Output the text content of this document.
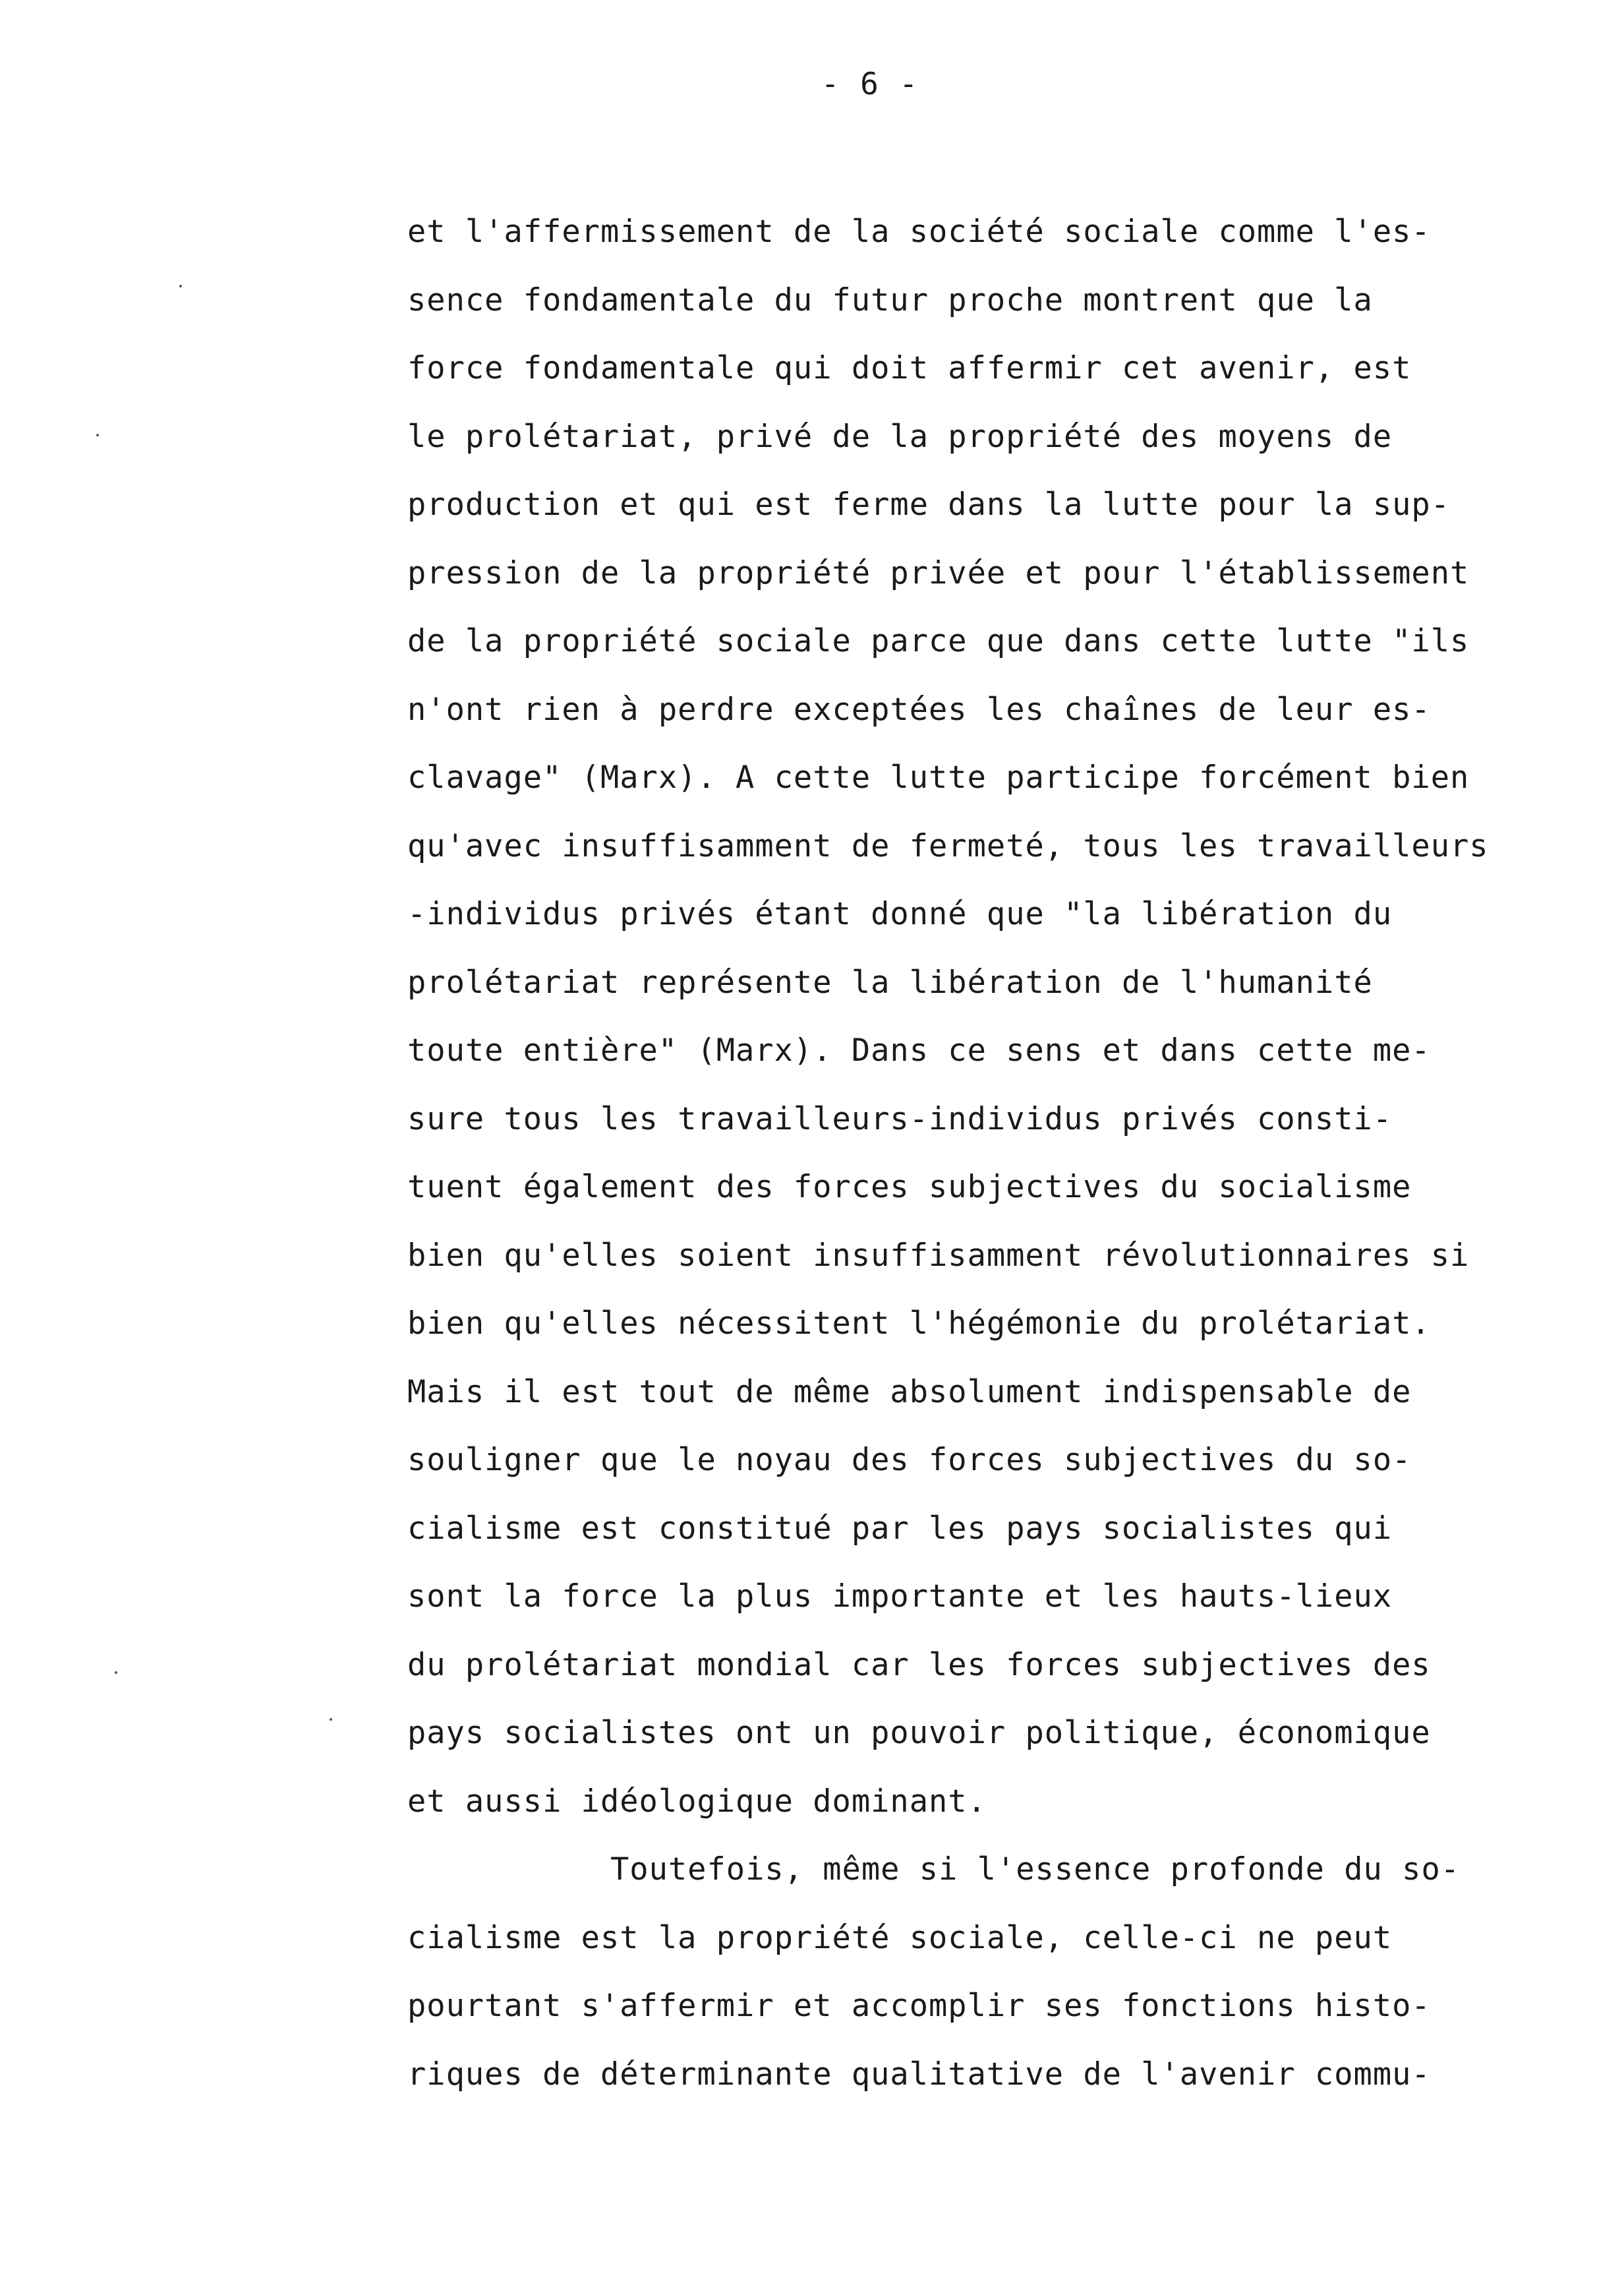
- 6 -
et l'affermissement de la société sociale comme l'es-
sence fondamentale du futur proche montrent que la
force fondamentale qui doit affermir cet avenir, est
le prolétariat, privé de la propriété des moyens de
production et qui est ferme dans la lutte pour la sup-
pression de la propriété privée et pour l'établissement
de la propriété sociale parce que dans cette lutte "ils
n'ont rien à perdre exceptées les chaînes de leur es-
clavage" (Marx). A cette lutte participe forcément bien
qu'avec insuffisamment de fermeté, tous les travailleurs
-individus privés étant donné que "la libération du
prolétariat représente la libération de l'humanité
toute entière" (Marx). Dans ce sens et dans cette me-
sure tous les travailleurs-individus privés consti-
tuent également des forces subjectives du socialisme
bien qu'elles soient insuffisamment révolutionnaires si
bien qu'elles nécessitent l'hégémonie du prolétariat.
Mais il est tout de même absolument indispensable de
souligner que le noyau des forces subjectives du so-
cialisme est constitué par les pays socialistes qui
sont la force la plus importante et les hauts-lieux
du prolétariat mondial car les forces subjectives des
pays socialistes ont un pouvoir politique, économique
et aussi idéologique dominant.
Toutefois, même si l'essence profonde du so-
cialisme est la propriété sociale, celle-ci ne peut
pourtant s'affermir et accomplir ses fonctions histo-
riques de déterminante qualitative de l'avenir commu-
